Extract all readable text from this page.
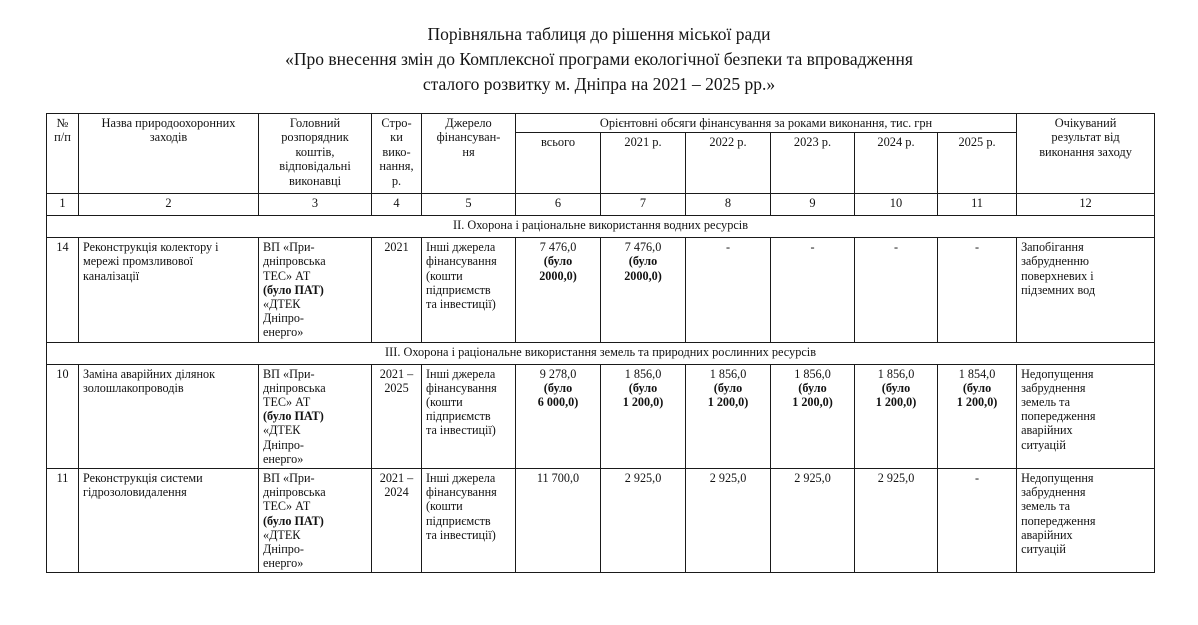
Порівняльна таблиця до рішення міської ради
«Про внесення змін до Комплексної програми екологічної безпеки та впровадження
сталого розвитку м. Дніпра на 2021 – 2025 рр.»
№
п/п	Назва природоохоронних
заходів	Головний
розпорядник
коштів,
відповідальні
виконавці	Стро-
ки
вико-
нання,
р.	Джерело
фінансуван-
ня	Орієнтовні обсяги фінансування за роками виконання, тис. грн						Очікуваний
результат від
виконання заходу
					всього	2021 р.	2022 р.	2023 р.	2024 р.	2025 р.	
1	2	3	4	5	6	7	8	9	10	11	12
II. Охорона і раціональне використання водних ресурсів											
14	Реконструкція колектору і
мережі промзливової
каналізації	ВП «При-
дніпровська
ТЕС» АТ
(було ПАТ)
«ДТЕК
Дніпро-
енерго»	2021	Інші джерела
фінансування
(кошти
підприємств
та інвестиції)	7 476,0
(було
2000,0)
	7 476,0
(було
2000,0)
	-	-	-	-	Запобігання
забрудненню
поверхневих і
підземних вод
III. Охорона і раціональне використання земель та природних рослинних ресурсів											
10	Заміна аварійних ділянок
золошлакопроводів	ВП «При-
дніпровська
ТЕС» АТ
(було ПАТ)
«ДТЕК
Дніпро-
енерго»	2021 –
2025	Інші джерела
фінансування
(кошти
підприємств
та інвестиції)	9 278,0
(було
6 000,0)
	1 856,0
(було
1 200,0)
	1 856,0
(було
1 200,0)
	1 856,0
(було
1 200,0)
	1 856,0
(було
1 200,0)
	1 854,0
(було
1 200,0)
	Недопущення
забруднення
земель та
попередження
аварійних
ситуацій
11	Реконструкція системи
гідрозоловидалення	ВП «При-
дніпровська
ТЕС» АТ
(було ПАТ)
«ДТЕК
Дніпро-
енерго»	2021 –
2024	Інші джерела
фінансування
(кошти
підприємств
та інвестиції)	11 700,0	2 925,0	2 925,0	2 925,0	2 925,0	-	Недопущення
забруднення
земель та
попередження
аварійних
ситуацій
